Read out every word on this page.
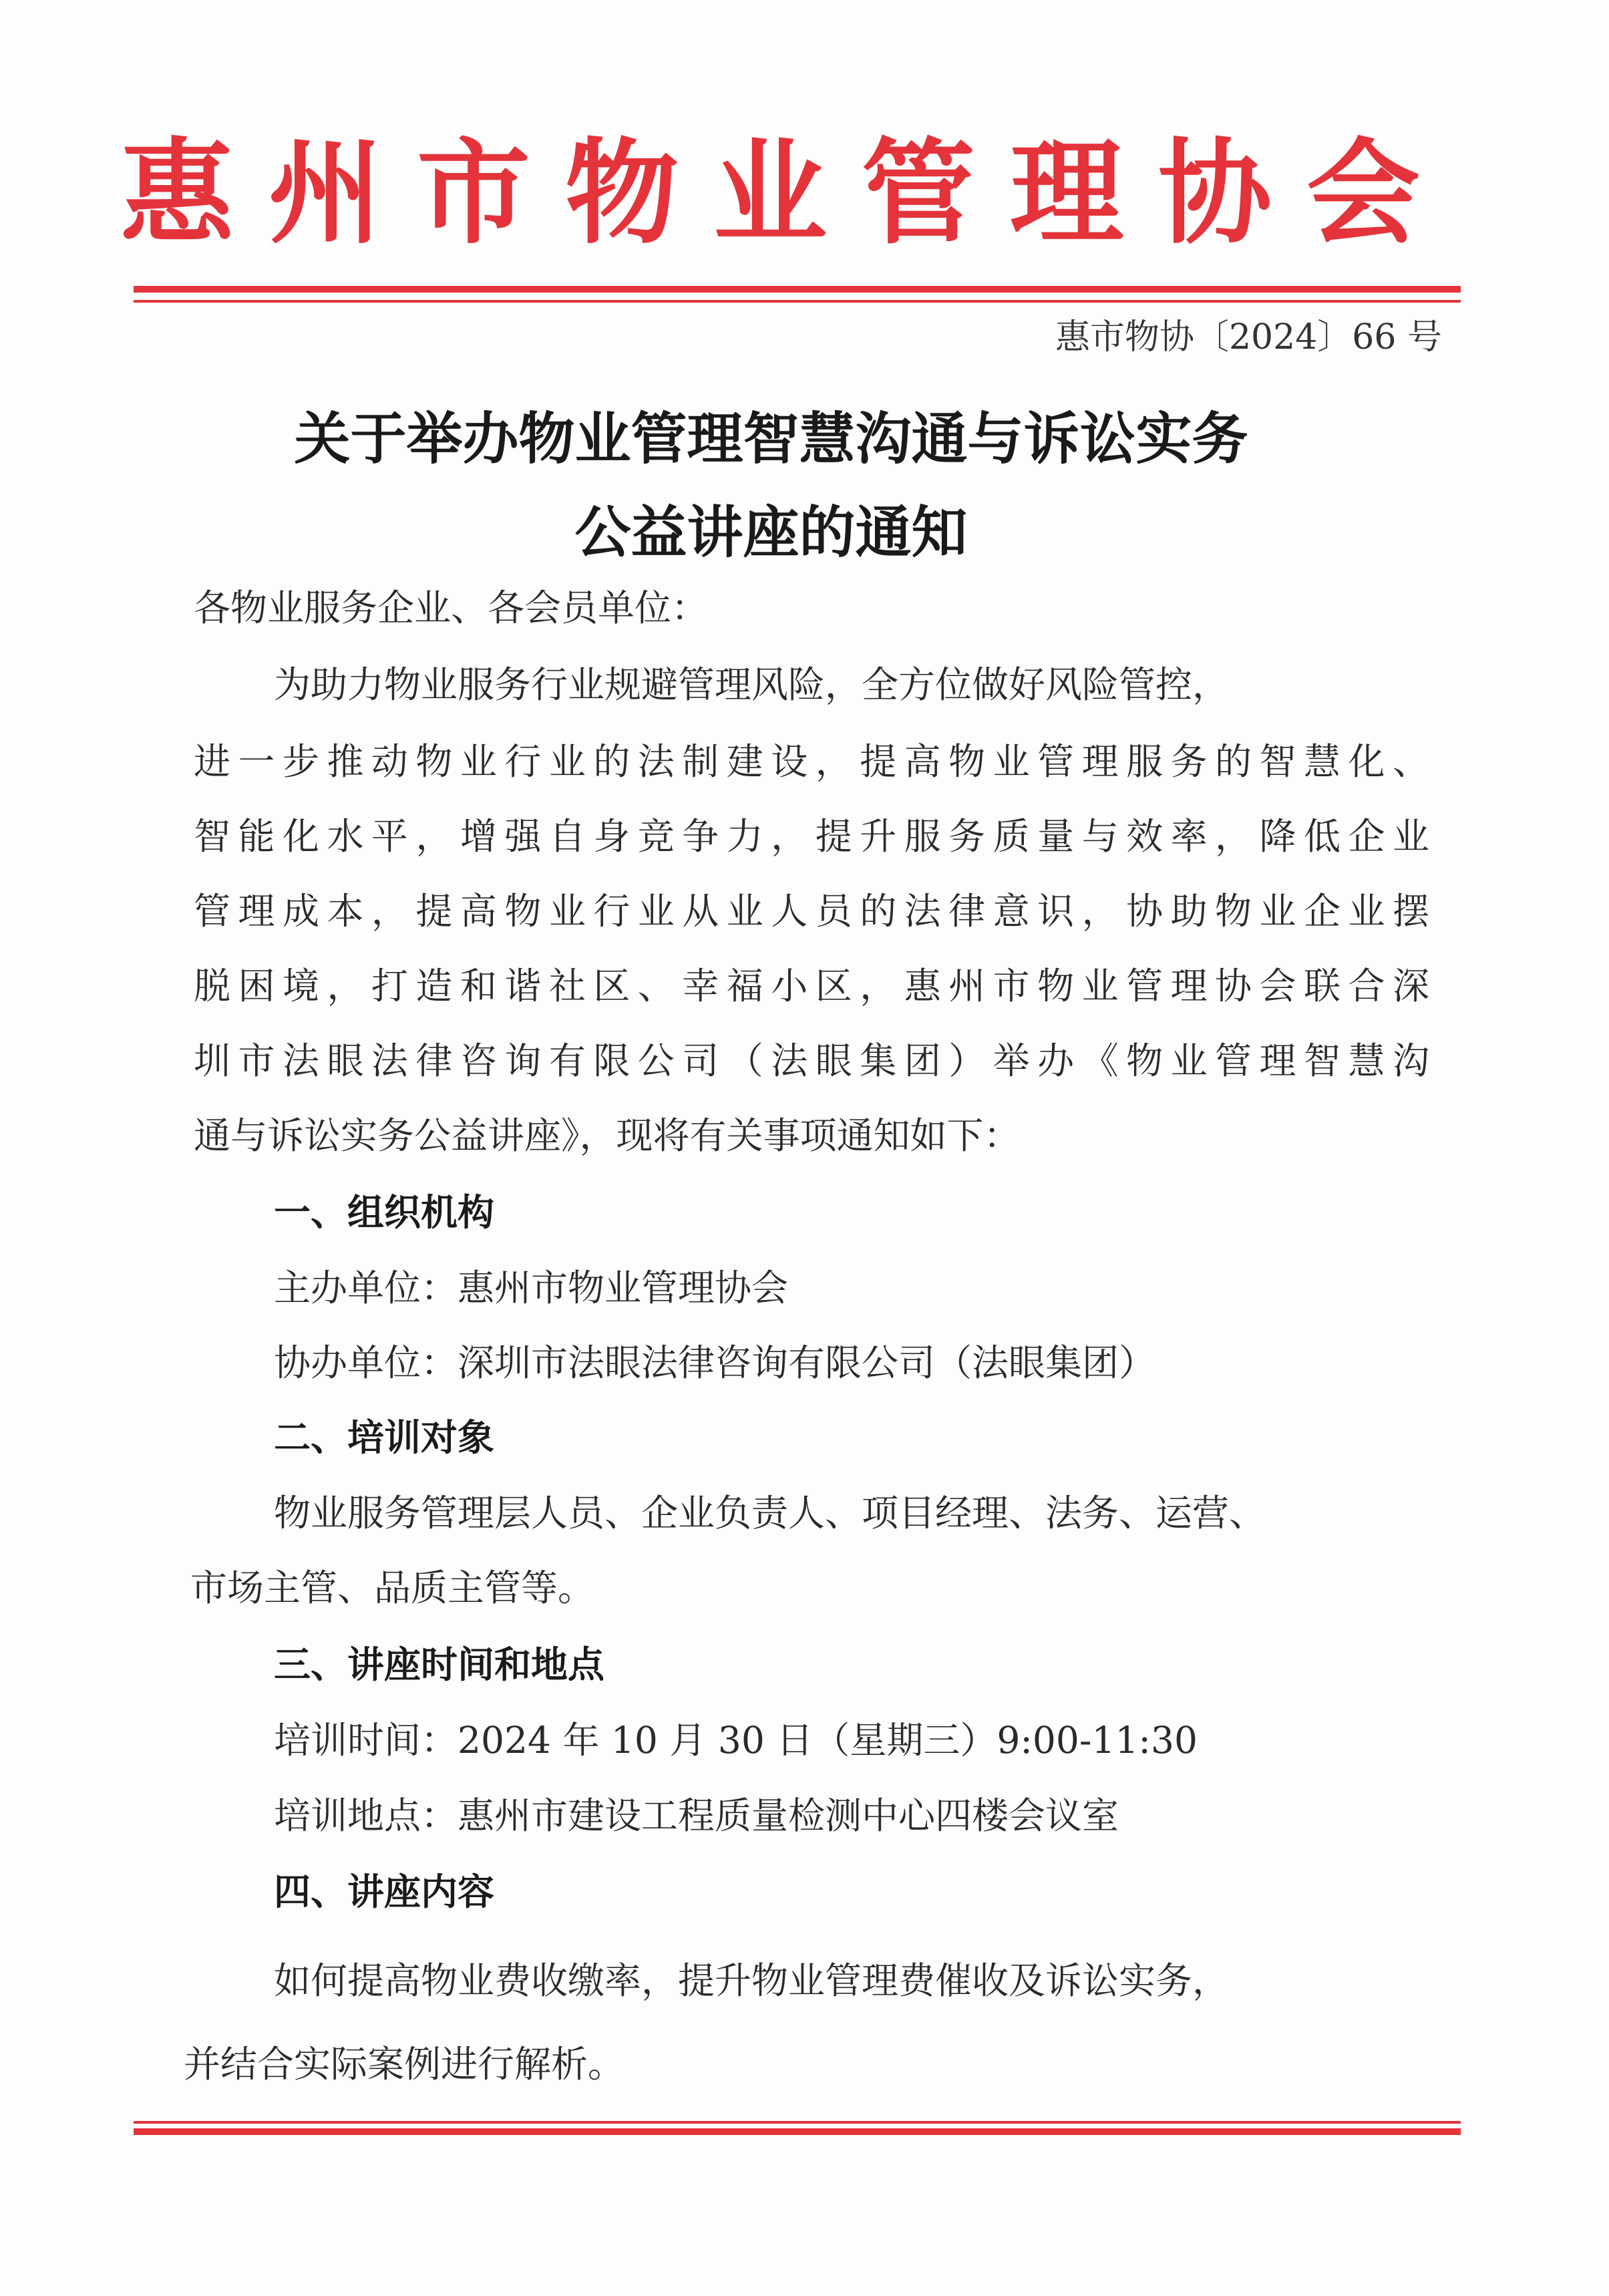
惠州市物业管理协会
惠市物协〔2024〕66 号
关于举办物业管理智慧沟通与诉讼实务
公益讲座的通知
各物业服务企业、各会员单位：
为助力物业服务行业规避管理风险，全方位做好风险管控，
进一步推动物业行业的法制建设，提高物业管理服务的智慧化、
智能化水平，增强自身竞争力，提升服务质量与效率，降低企业
管理成本，提高物业行业从业人员的法律意识，协助物业企业摆
脱困境，打造和谐社区、幸福小区，惠州市物业管理协会联合深
圳市法眼法律咨询有限公司（法眼集团）举办《物业管理智慧沟
通与诉讼实务公益讲座》，现将有关事项通知如下：
一、组织机构
主办单位：惠州市物业管理协会
协办单位：深圳市法眼法律咨询有限公司（法眼集团）
二、培训对象
物业服务管理层人员、企业负责人、项目经理、法务、运营、
市场主管、品质主管等。
三、讲座时间和地点
培训时间：2024 年 10 月 30 日（星期三）9:00-11:30
培训地点：惠州市建设工程质量检测中心四楼会议室
四、讲座内容
如何提高物业费收缴率，提升物业管理费催收及诉讼实务，
并结合实际案例进行解析。
